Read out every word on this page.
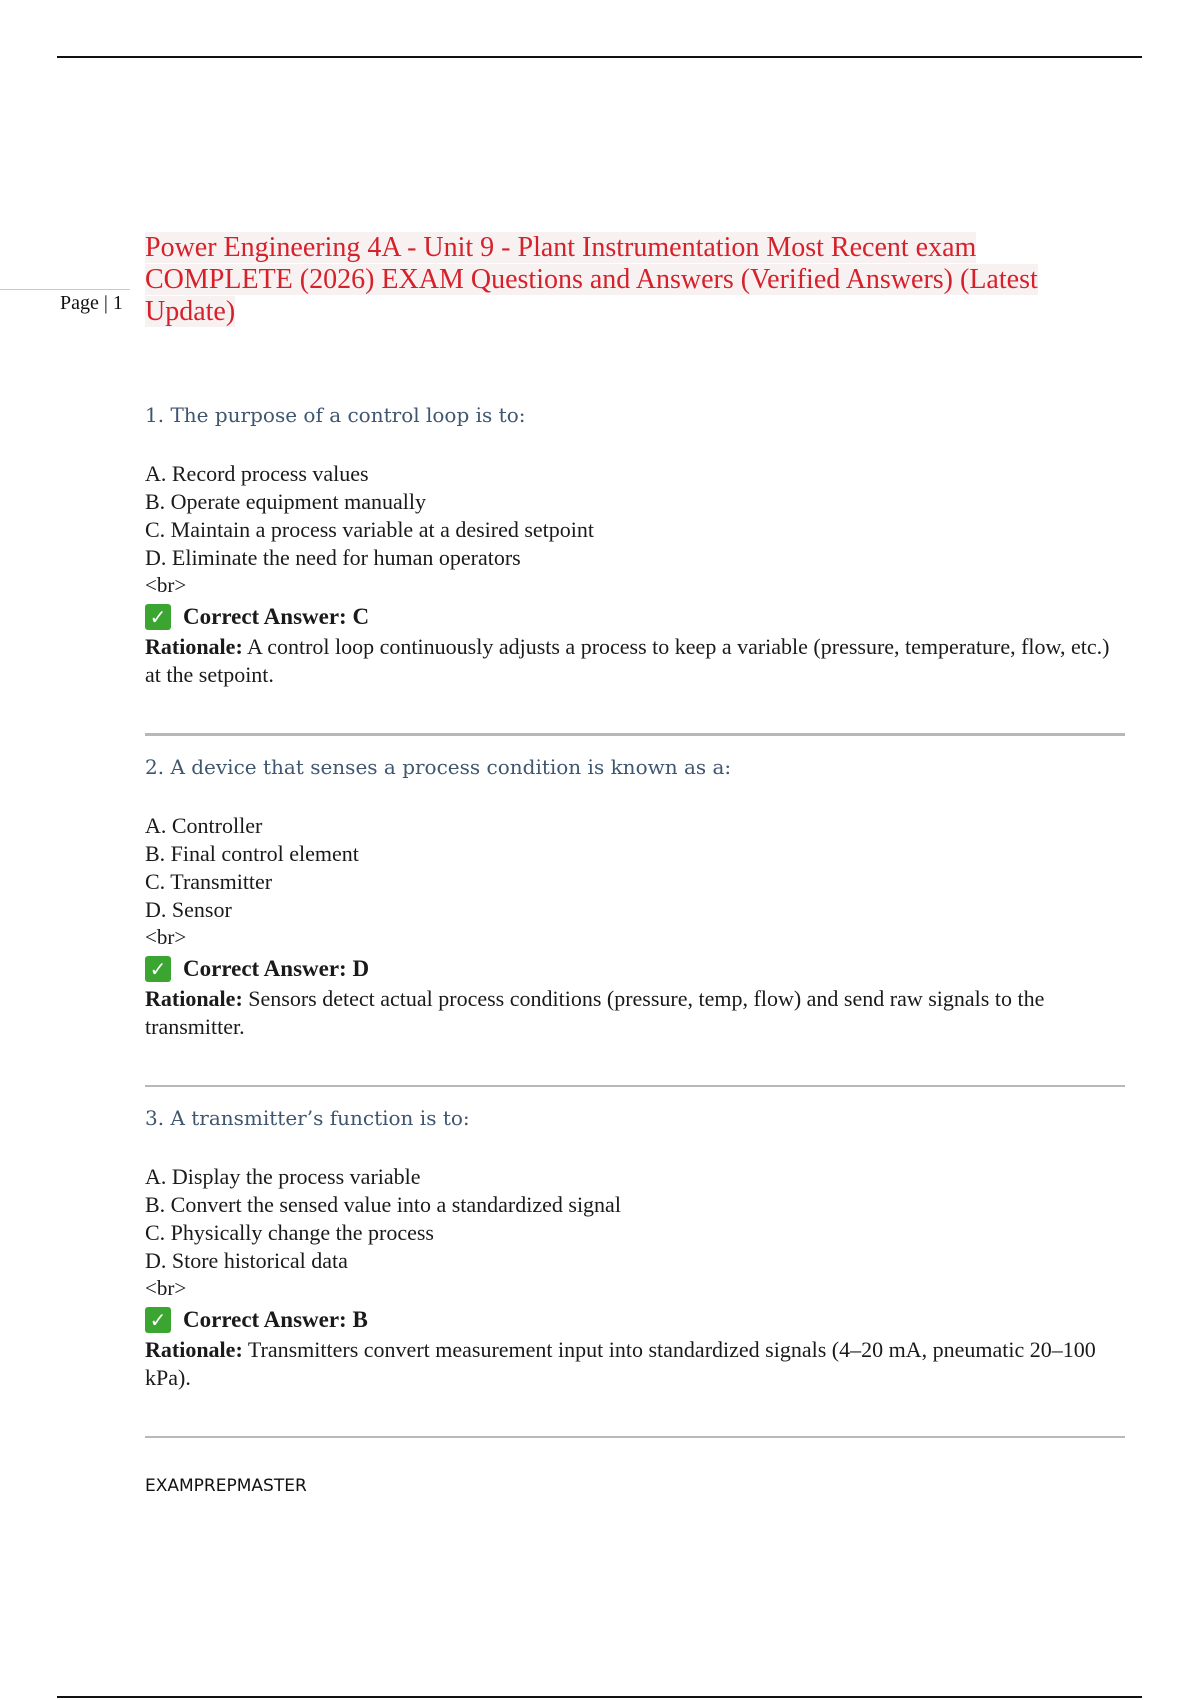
Page | 1
Power Engineering 4A - Unit 9 - Plant Instrumentation Most Recent exam
COMPLETE (2026) EXAM Questions and Answers (Verified Answers) (Latest
Update)
1. The purpose of a control loop is to:
A. Record process values
B. Operate equipment manually
C. Maintain a process variable at a desired setpoint
D. Eliminate the need for human operators
<br>
✓ Correct Answer: C
Rationale: A control loop continuously adjusts a process to keep a variable (pressure, temperature, flow, etc.) at the setpoint.
2. A device that senses a process condition is known as a:
A. Controller
B. Final control element
C. Transmitter
D. Sensor
<br>
✓ Correct Answer: D
Rationale: Sensors detect actual process conditions (pressure, temp, flow) and send raw signals to the transmitter.
3. A transmitter’s function is to:
A. Display the process variable
B. Convert the sensed value into a standardized signal
C. Physically change the process
D. Store historical data
<br>
✓ Correct Answer: B
Rationale: Transmitters convert measurement input into standardized signals (4–20 mA, pneumatic 20–100 kPa).
EXAMPREPMASTER
